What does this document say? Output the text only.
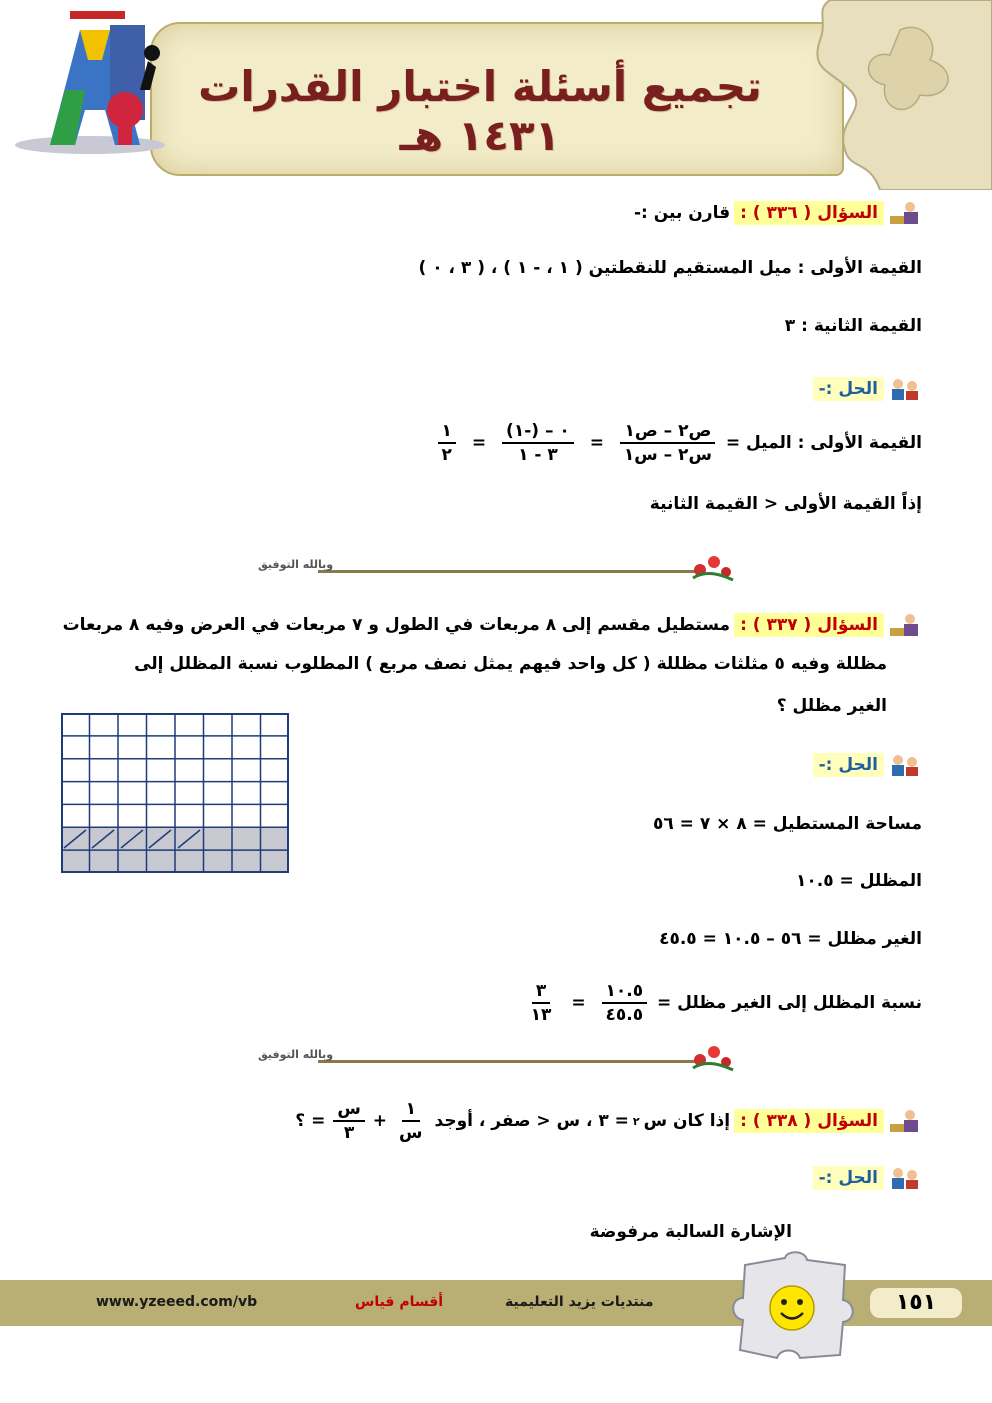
تجميع أسئلة اختبار القدرات ١٤٣١ هـ
السؤال ( ٣٣٦ ) :
قارن بين :-
القيمة الأولى : ميل المستقيم للنقطتين ( ١ ، - ١ ) ، ( ٣ ، ٠ )
القيمة الثانية : ٣
الحل :-
القيمة الأولى : الميل =
$\frac{\text{ص٢ – ص١}}{\text{س٢ – س١}}$
=
$\frac{٠ - (-١)}{٣ - ١}$
=
$\frac{١}{٢}$
إذاً القيمة الأولى < القيمة الثانية
وبالله التوفيق
السؤال ( ٣٣٧ ) :
مستطيل مقسم إلى ٨ مربعات في الطول و ٧ مربعات في العرض وفيه ٨ مربعات
مظللة وفيه ٥ مثلثات مظللة ( كل واحد فيهم يمثل نصف مربع ) المطلوب نسبة المظلل إلى
الغير مظلل ؟
الحل :-
مساحة المستطيل = ٨ × ٧ = ٥٦
المظلل = ١٠.٥
الغير مظلل = ٥٦ – ١٠.٥ = ٤٥.٥
نسبة المظلل إلى الغير مظلل =
$\frac{١٠.٥}{٤٥.٥}$
=
$\frac{٣}{١٣}$
وبالله التوفيق
السؤال ( ٣٣٨ ) :
إذا كان س
٢
= ٣ ، س < صفر ، أوجد
$\frac{١}{\text{س}}$
+
$\frac{\text{س}}{٣}$
= ؟
الحل :-
الإشارة السالبة مرفوضة
www.yzeeed.com/vb	أقسام قياس	منتديات يزيد التعليمية	١٥١
